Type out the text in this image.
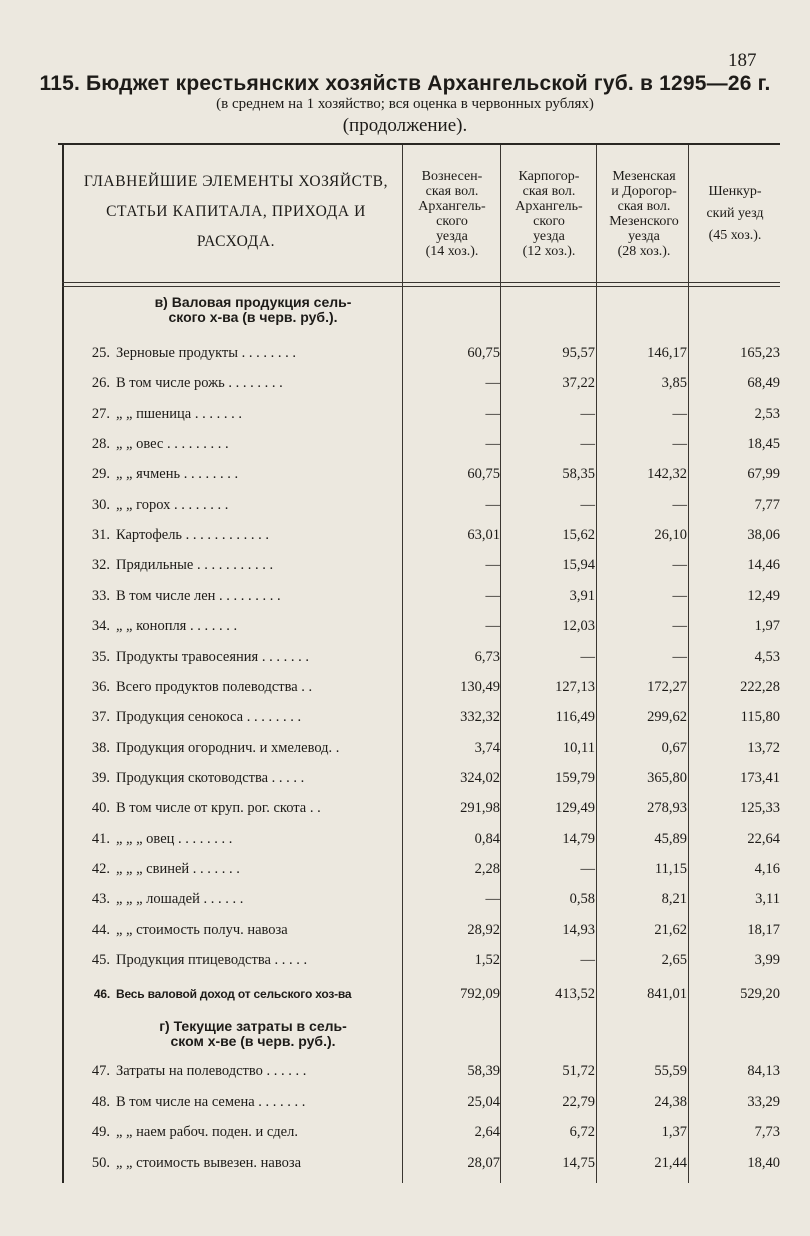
187
115. Бюджет крестьянских хозяйств Архангельской губ. в 1295—26 г.
(в среднем на 1 хозяйство; вся оценка в червонных рублях)
(продолжение).
ГЛАВНЕЙШИЕ ЭЛЕМЕНТЫ ХОЗЯЙСТВ,
СТАТЬИ КАПИТАЛА, ПРИХОДА И
РАСХОДА.
Вознесен-
ская вол.
Архангель-
ского
уезда
(14 хоз.).
Карпогор-
ская вол.
Архангель-
ского
уезда
(12 хоз.).
Мезенская
и Дорогор-
ская вол.
Мезенского
уезда
(28 хоз.).
Шенкур-
ский уезд
(45 хоз.).
в) Валовая продукция сель-
ского х-ва (в черв. руб.).
г) Текущие затраты в сель-
ском х-ве (в черв. руб.).
25. Зерновые продукты . . . . . . . .	60,75	95,57	146,17	165,23
26. В том числе рожь . . . . . . . .	—	37,22	3,85	68,49
27. „ „ пшеница . . . . . . .	—	—	—	2,53
28. „ „ овес . . . . . . . . .	—	—	—	18,45
29. „ „ ячмень . . . . . . . .	60,75	58,35	142,32	67,99
30. „ „ горох . . . . . . . .	—	—	—	7,77
31. Картофель . . . . . . . . . . . .	63,01	15,62	26,10	38,06
32. Прядильные . . . . . . . . . . .	—	15,94	—	14,46
33. В том числе лен . . . . . . . . .	—	3,91	—	12,49
34. „ „ конопля . . . . . . .	—	12,03	—	1,97
35. Продукты травосеяния . . . . . . .	6,73	—	—	4,53
36. Всего продуктов полеводства . .	130,49	127,13	172,27	222,28
37. Продукция сенокоса . . . . . . . .	332,32	116,49	299,62	115,80
38. Продукция огороднич. и хмелевод. .	3,74	10,11	0,67	13,72
39. Продукция скотоводства . . . . .	324,02	159,79	365,80	173,41
40. В том числе от круп. рог. скота . .	291,98	129,49	278,93	125,33
41. „ „ „ овец . . . . . . . .	0,84	14,79	45,89	22,64
42. „ „ „ свиней . . . . . . .	2,28	—	11,15	4,16
43. „ „ „ лошадей . . . . . .	—	0,58	8,21	3,11
44. „ „ стоимость получ. навоза	28,92	14,93	21,62	18,17
45. Продукция птицеводства . . . . .	1,52	—	2,65	3,99
46. Весь валовой доход от сельского хоз-ва	792,09	413,52	841,01	529,20
47. Затраты на полеводство . . . . . .	58,39	51,72	55,59	84,13
48. В том числе на семена . . . . . . .	25,04	22,79	24,38	33,29
49. „ „ наем рабоч. поден. и сдел.	2,64	6,72	1,37	7,73
50. „ „ стоимость вывезен. навоза	28,07	14,75	21,44	18,40
